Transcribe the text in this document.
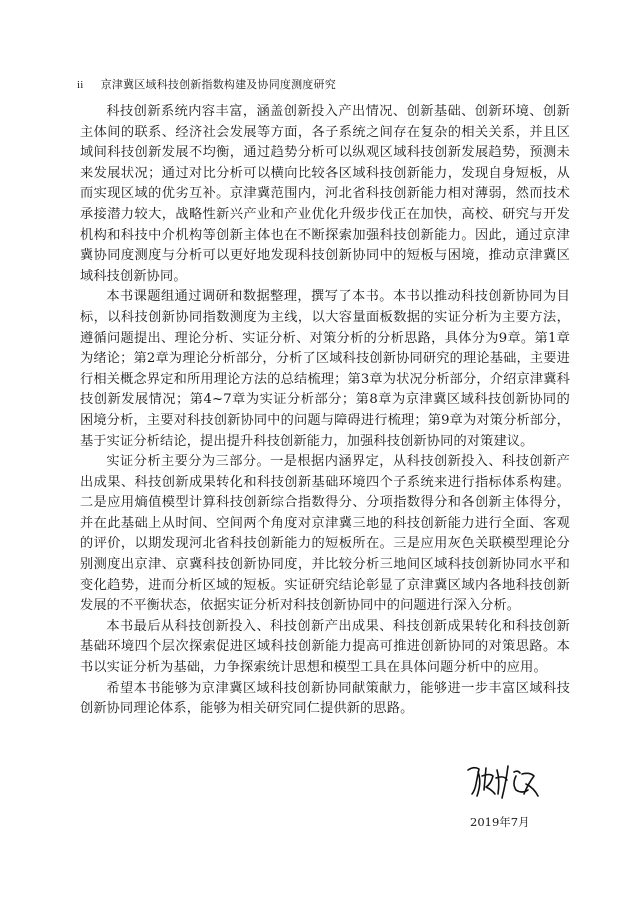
ii 京津冀区域科技创新指数构建及协同度测度研究

科技创新系统内容丰富，涵盖创新投入产出情况、创新基础、创新环境、创新主体间的联系、经济社会发展等方面，各子系统之间存在复杂的相关关系，并且区域间科技创新发展不均衡，通过趋势分析可以纵观区域科技创新发展趋势，预测未来发展状况；通过对比分析可以横向比较各区域科技创新能力，发现自身短板，从而实现区域的优劣互补。京津冀范围内，河北省科技创新能力相对薄弱，然而技术承接潜力较大，战略性新兴产业和产业优化升级步伐正在加快，高校、研究与开发机构和科技中介机构等创新主体也在不断探索加强科技创新能力。因此，通过京津冀协同度测度与分析可以更好地发现科技创新协同中的短板与困境，推动京津冀区域科技创新协同。

本书课题组通过调研和数据整理，撰写了本书。本书以推动科技创新协同为目标，以科技创新协同指数测度为主线，以大容量面板数据的实证分析为主要方法，遵循问题提出、理论分析、实证分析、对策分析的分析思路，具体分为9章。第1章为绪论；第2章为理论分析部分，分析了区域科技创新协同研究的理论基础，主要进行相关概念界定和所用理论方法的总结梳理；第3章为状况分析部分，介绍京津冀科技创新发展情况；第4~7章为实证分析部分；第8章为京津冀区域科技创新协同的困境分析，主要对科技创新协同中的问题与障碍进行梳理；第9章为对策分析部分，基于实证分析结论，提出提升科技创新能力，加强科技创新协同的对策建议。

实证分析主要分为三部分。一是根据内涵界定，从科技创新投入、科技创新产出成果、科技创新成果转化和科技创新基础环境四个子系统来进行指标体系构建。二是应用熵值模型计算科技创新综合指数得分、分项指数得分和各创新主体得分，并在此基础上从时间、空间两个角度对京津冀三地的科技创新能力进行全面、客观的评价，以期发现河北省科技创新能力的短板所在。三是应用灰色关联模型理论分别测度出京津、京冀科技创新协同度，并比较分析三地间区域科技创新协同水平和变化趋势，进而分析区域的短板。实证研究结论彰显了京津冀区域内各地科技创新发展的不平衡状态，依据实证分析对科技创新协同中的问题进行深入分析。

本书最后从科技创新投入、科技创新产出成果、科技创新成果转化和科技创新基础环境四个层次探索促进区域科技创新能力提高可推进创新协同的对策思路。本书以实证分析为基础，力争探索统计思想和模型工具在具体问题分析中的应用。

希望本书能够为京津冀区域科技创新协同献策献力，能够进一步丰富区域科技创新协同理论体系，能够为相关研究同仁提供新的思路。

2019年7月
